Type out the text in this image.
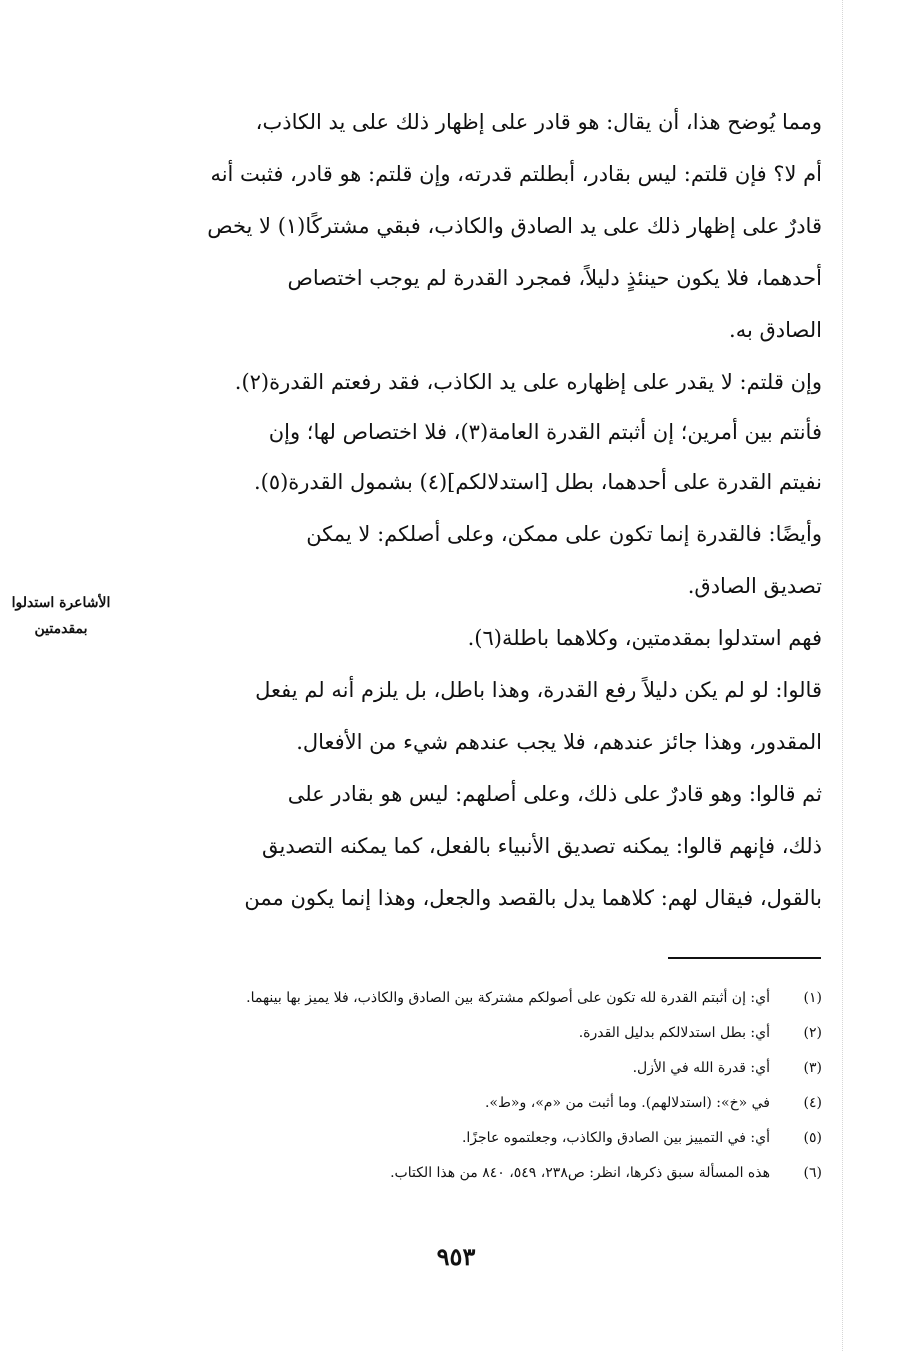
ومما يُوضح هذا، أن يقال: هو قادر على إظهار ذلك على يد الكاذب،
أم لا؟ فإن قلتم: ليس بقادر، أبطلتم قدرته، وإن قلتم: هو قادر، فثبت أنه
قادرٌ على إظهار ذلك على يد الصادق والكاذب، فبقي مشتركًا(١) لا يخص
أحدهما، فلا يكون حينئذٍ دليلاً، فمجرد القدرة لم يوجب اختصاص
الصادق به.
وإن قلتم: لا يقدر على إظهاره على يد الكاذب، فقد رفعتم القدرة(٢).
فأنتم بين أمرين؛ إن أثبتم القدرة العامة(٣)، فلا اختصاص لها؛ وإن
نفيتم القدرة على أحدهما، بطل [استدلالكم](٤) بشمول القدرة(٥).
وأيضًا: فالقدرة إنما تكون على ممكن، وعلى أصلكم: لا يمكن
تصديق الصادق.
فهم استدلوا بمقدمتين، وكلاهما باطلة(٦).
قالوا: لو لم يكن دليلاً رفع القدرة، وهذا باطل، بل يلزم أنه لم يفعل
المقدور، وهذا جائز عندهم، فلا يجب عندهم شيء من الأفعال.
ثم قالوا: وهو قادرٌ على ذلك، وعلى أصلهم: ليس هو بقادر على
ذلك، فإنهم قالوا: يمكنه تصديق الأنبياء بالفعل، كما يمكنه التصديق
بالقول، فيقال لهم: كلاهما يدل بالقصد والجعل، وهذا إنما يكون ممن
الأشاعرة استدلوا
بمقدمتين
(١)أي: إن أثبتم القدرة لله تكون على أصولكم مشتركة بين الصادق والكاذب، فلا يميز بها بينهما.
(٢)أي: بطل استدلالكم بدليل القدرة.
(٣)أي: قدرة الله في الأزل.
(٤)في «خ»: (استدلالهم). وما أثبت من «م»، و«ط».
(٥)أي: في التمييز بين الصادق والكاذب، وجعلتموه عاجزًا.
(٦)هذه المسألة سبق ذكرها، انظر: ص٢٣٨، ٥٤٩، ٨٤٠ من هذا الكتاب.
٩٥٣
